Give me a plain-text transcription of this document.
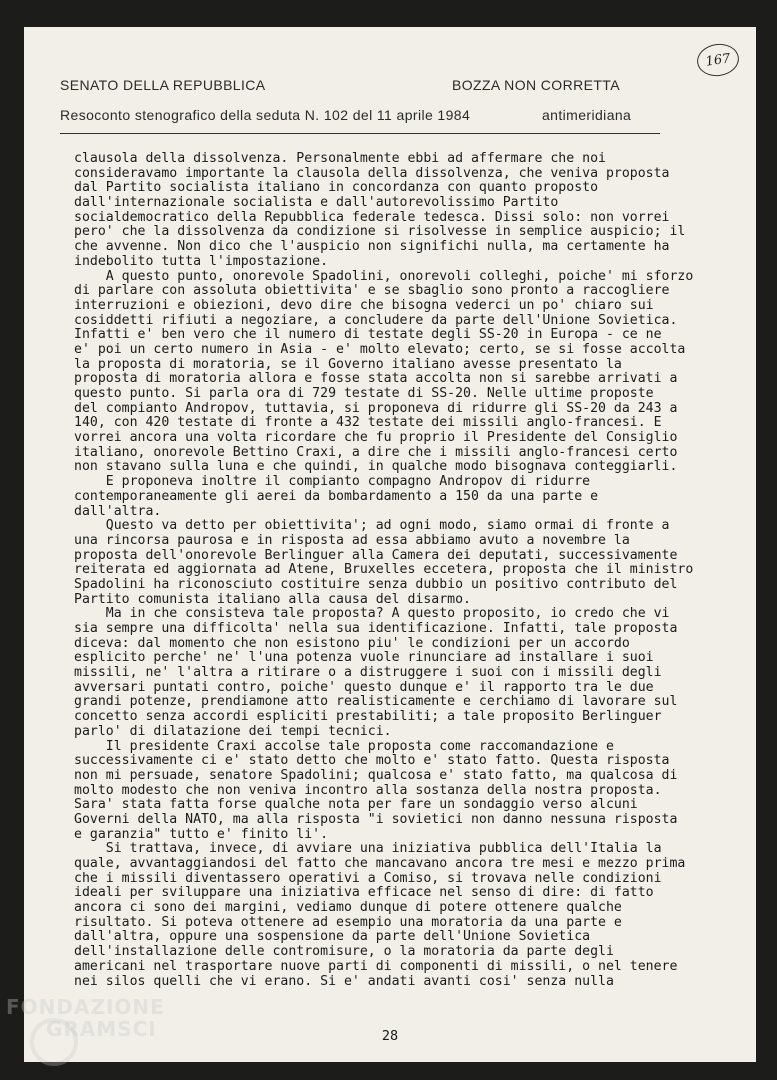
167
SENATO DELLA REPUBBLICA	BOZZA NON CORRETTA
Resoconto stenografico della seduta N. 102 del 11 aprile 1984	antimeridiana
clausola della dissolvenza. Personalmente ebbi ad affermare che noi
consideravamo importante la clausola della dissolvenza, che veniva proposta
dal Partito socialista italiano in concordanza con quanto proposto
dall'internazionale socialista e dall'autorevolissimo Partito
socialdemocratico della Repubblica federale tedesca. Dissi solo: non vorrei
pero' che la dissolvenza da condizione si risolvesse in semplice auspicio; il
che avvenne. Non dico che l'auspicio non significhi nulla, ma certamente ha
indebolito tutta l'impostazione.
A questo punto, onorevole Spadolini, onorevoli colleghi, poiche' mi sforzo
di parlare con assoluta obiettivita' e se sbaglio sono pronto a raccogliere
interruzioni e obiezioni, devo dire che bisogna vederci un po' chiaro sui
cosiddetti rifiuti a negoziare, a concludere da parte dell'Unione Sovietica.
Infatti e' ben vero che il numero di testate degli SS-20 in Europa - ce ne
e' poi un certo numero in Asia - e' molto elevato; certo, se si fosse accolta
la proposta di moratoria, se il Governo italiano avesse presentato la
proposta di moratoria allora e fosse stata accolta non si sarebbe arrivati a
questo punto. Si parla ora di 729 testate di SS-20. Nelle ultime proposte
del compianto Andropov, tuttavia, si proponeva di ridurre gli SS-20 da 243 a
140, con 420 testate di fronte a 432 testate dei missili anglo-francesi. E
vorrei ancora una volta ricordare che fu proprio il Presidente del Consiglio
italiano, onorevole Bettino Craxi, a dire che i missili anglo-francesi certo
non stavano sulla luna e che quindi, in qualche modo bisognava conteggiarli.
E proponeva inoltre il compianto compagno Andropov di ridurre
contemporaneamente gli aerei da bombardamento a 150 da una parte e
dall'altra.
Questo va detto per obiettivita'; ad ogni modo, siamo ormai di fronte a
una rincorsa paurosa e in risposta ad essa abbiamo avuto a novembre la
proposta dell'onorevole Berlinguer alla Camera dei deputati, successivamente
reiterata ed aggiornata ad Atene, Bruxelles eccetera, proposta che il ministro
Spadolini ha riconosciuto costituire senza dubbio un positivo contributo del
Partito comunista italiano alla causa del disarmo.
Ma in che consisteva tale proposta? A questo proposito, io credo che vi
sia sempre una difficolta' nella sua identificazione. Infatti, tale proposta
diceva: dal momento che non esistono piu' le condizioni per un accordo
esplicito perche' ne' l'una potenza vuole rinunciare ad installare i suoi
missili, ne' l'altra a ritirare o a distruggere i suoi con i missili degli
avversari puntati contro, poiche' questo dunque e' il rapporto tra le due
grandi potenze, prendiamone atto realisticamente e cerchiamo di lavorare sul
concetto senza accordi espliciti prestabiliti; a tale proposito Berlinguer
parlo' di dilatazione dei tempi tecnici.
Il presidente Craxi accolse tale proposta come raccomandazione e
successivamente ci e' stato detto che molto e' stato fatto. Questa risposta
non mi persuade, senatore Spadolini; qualcosa e' stato fatto, ma qualcosa di
molto modesto che non veniva incontro alla sostanza della nostra proposta.
Sara' stata fatta forse qualche nota per fare un sondaggio verso alcuni
Governi della NATO, ma alla risposta "i sovietici non danno nessuna risposta
e garanzia" tutto e' finito li'.
Si trattava, invece, di avviare una iniziativa pubblica dell'Italia la
quale, avvantaggiandosi del fatto che mancavano ancora tre mesi e mezzo prima
che i missili diventassero operativi a Comiso, si trovava nelle condizioni
ideali per sviluppare una iniziativa efficace nel senso di dire: di fatto
ancora ci sono dei margini, vediamo dunque di potere ottenere qualche
risultato. Si poteva ottenere ad esempio una moratoria da una parte e
dall'altra, oppure una sospensione da parte dell'Unione Sovietica
dell'installazione delle contromisure, o la moratoria da parte degli
americani nel trasportare nuove parti di componenti di missili, o nel tenere
nei silos quelli che vi erano. Si e' andati avanti cosi' senza nulla
28
FONDAZIONE
GRAMSCI
